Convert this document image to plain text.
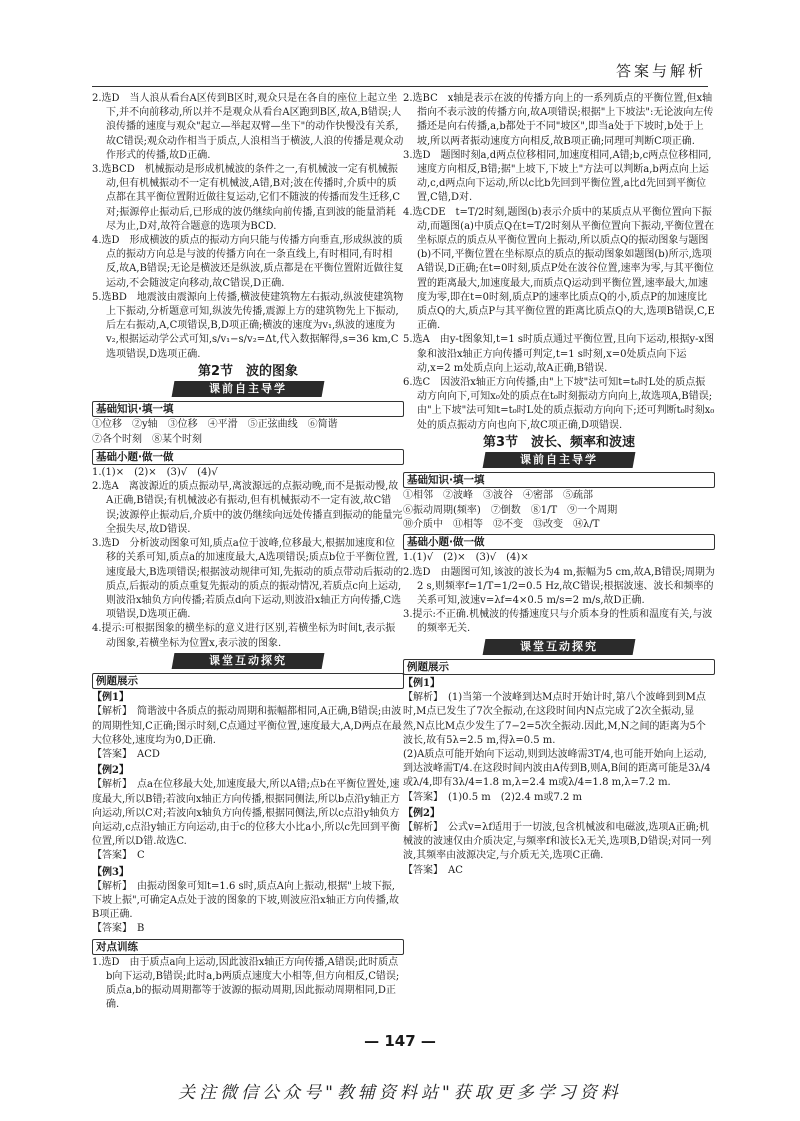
答案与解析

2.选D　当人浪从看台A区传到B区时,观众只是在各自的座位上起立坐下,并不向前移动,所以并不是观众从看台A区跑到B区,故A,B错误;人浪传播的速度与观众"起立—举起双臂—坐下"的动作快慢没有关系,故C错误;观众动作相当于质点,人浪相当于横波,人浪的传播是观众动作形式的传播,故D正确.

3.选BCD　机械振动是形成机械波的条件之一,有机械波一定有机械振动,但有机械振动不一定有机械波,A错,B对;波在传播时,介质中的质点都在其平衡位置附近做往复运动,它们不随波的传播而发生迁移,C对;振源停止振动后,已形成的波仍继续向前传播,直到波的能量消耗尽为止,D对,故符合题意的选项为BCD.

4.选D　形成横波的质点的振动方向只能与传播方向垂直,形成纵波的质点的振动方向总是与波的传播方向在一条直线上,有时相同,有时相反,故A,B错误;无论是横波还是纵波,质点都是在平衡位置附近做往复运动,不会随波定向移动,故C错误,D正确.

5.选BD　地震波由震源向上传播,横波使建筑物左右振动,纵波使建筑物上下振动,分析题意可知,纵波先传播,震源上方的建筑物先上下振动,后左右振动,A,C项错误,B,D项正确;横波的速度为v₁,纵波的速度为v₂,根据运动学公式可知,s/v₁−s/v₂=Δt,代入数据解得,s=36 km,C选项错误,D选项正确.

第2节　波的图象
课前自主导学
基础知识·填一填

①位移　②y轴　③位移　④平滑　⑤正弦曲线　⑥简谐

⑦各个时刻　⑧某个时刻

基础小题·做一做

1.(1)×　(2)×　(3)√　(4)√

2.选A　离波源近的质点振动早,离波源远的点振动晚,而不是振动慢,故A正确,B错误;有机械波必有振动,但有机械振动不一定有波,故C错误;波源停止振动后,介质中的波仍继续向远处传播直到振动的能量完全损失尽,故D错误.

3.选D　分析波动图象可知,质点a位于波峰,位移最大,根据加速度和位移的关系可知,质点a的加速度最大,A选项错误;质点b位于平衡位置,速度最大,B选项错误;根据波动规律可知,先振动的质点带动后振动的质点,后振动的质点重复先振动的质点的振动情况,若质点c向上运动,则波沿x轴负方向传播;若质点d向下运动,则波沿x轴正方向传播,C选项错误,D选项正确.

4.提示:可根据图象的横坐标的意义进行区别,若横坐标为时间t,表示振动图象,若横坐标为位置x,表示波的图象.

课堂互动探究
例题展示
【例1】

【解析】　简谐波中各质点的振动周期和振幅都相同,A正确,B错误;由波的周期性知,C正确;图示时刻,C点通过平衡位置,速度最大,A,D两点在最大位移处,速度均为0,D正确.

【答案】　ACD

【例2】

【解析】　点a在位移最大处,加速度最大,所以A错;点b在平衡位置处,速度最大,所以B错;若波向x轴正方向传播,根据同侧法,所以b点沿y轴正方向运动,所以C对;若波向x轴负方向传播,根据同侧法,所以c点沿y轴负方向运动,c点沿y轴正方向运动,由于c的位移大小比a小,所以c先回到平衡位置,所以D错.故选C.

【答案】　C

【例3】

【解析】　由振动图象可知t=1.6 s时,质点A向上振动,根据"上坡下振,下坡上振",可确定A点处于波的图象的下坡,则波应沿x轴正方向传播,故B项正确.

【答案】　B

对点训练

1.选D　由于质点a向上运动,因此波沿x轴正方向传播,A错误;此时质点b向下运动,B错误;此时a,b两质点速度大小相等,但方向相反,C错误;质点a,b的振动周期都等于波源的振动周期,因此振动周期相同,D正确.

2.选BC　x轴是表示在波的传播方向上的一系列质点的平衡位置,但x轴指向不表示波的传播方向,故A项错误;根据"上下坡法":无论波向左传播还是向右传播,a,b都处于不同"坡区",即当a处于下坡时,b处于上坡,所以两者振动速度方向相反,故B项正确;同理可判断C项正确.

3.选D　题图时刻a,d两点位移相同,加速度相同,A错;b,c两点位移相同,速度方向相反,B错;据"上坡下,下坡上"方法可以判断a,b两点向上运动,c,d两点向下运动,所以c比b先回到平衡位置,a比d先回到平衡位置,C错,D对.

4.选CDE　t=T/2时刻,题图(b)表示介质中的某质点从平衡位置向下振动,而题图(a)中质点Q在t=T/2时刻从平衡位置向下振动,平衡位置在坐标原点的质点从平衡位置向上振动,所以质点Q的振动图象与题图(b)不同,平衡位置在坐标原点的质点的振动图象如题图(b)所示,选项A错误,D正确;在t=0时刻,质点P处在波谷位置,速率为零,与其平衡位置的距离最大,加速度最大,而质点Q运动到平衡位置,速率最大,加速度为零,即在t=0时刻,质点P的速率比质点Q的小,质点P的加速度比质点Q的大,质点P与其平衡位置的距离比质点Q的大,选项B错误,C,E正确.

5.选A　由y-t图象知,t=1 s时质点通过平衡位置,且向下运动,根据y-x图象和波沿x轴正方向传播可判定,t=1 s时刻,x=0处质点向下运动,x=2 m处质点向上运动,故A正确,B错误.

6.选C　因波沿x轴正方向传播,由"上下坡"法可知t=t₀时L处的质点振动方向向下,可知x₀处的质点在t₀时刻振动方向向上,故选项A,B错误;由"上下坡"法可知t=t₀时L处的质点振动方向向下;还可判断t₀时刻x₀处的质点振动方向也向下,故C项正确,D项错误.

第3节　波长、频率和波速
课前自主导学
基础知识·填一填

①相邻　②波峰　③波谷　④密部　⑤疏部

⑥振动周期(频率)　⑦倒数　⑧1/T　⑨一个周期

⑩介质中　⑪相等　⑫不变　⑬改变　⑭λ/T

基础小题·做一做

1.(1)√　(2)×　(3)√　(4)×

2.选D　由题图可知,该波的波长为4 m,振幅为5 cm,故A,B错误;周期为2 s,则频率f=1/T=1/2=0.5 Hz,故C错误;根据波速、波长和频率的关系可知,波速v=λf=4×0.5 m/s=2 m/s,故D正确.

3.提示:不正确.机械波的传播速度只与介质本身的性质和温度有关,与波的频率无关.

课堂互动探究
例题展示
【例1】

【解析】　(1)当第一个波峰到达M点时开始计时,第八个波峰到到M点时,M点已发生了7次全振动,在这段时间内N点完成了2次全振动,显然,N点比M点少发生了7−2=5次全振动.因此,M,N之间的距离为5个波长,故有5λ=2.5 m,得λ=0.5 m.

(2)A质点可能开始向下运动,则到达波峰需3T/4,也可能开始向上运动,到达波峰需T/4.在这段时间内波由A传到B,则A,B间的距离可能是3λ/4或λ/4,即有3λ/4=1.8 m,λ=2.4 m或λ/4=1.8 m,λ=7.2 m.

【答案】　(1)0.5 m　(2)2.4 m或7.2 m

【例2】

【解析】　公式v=λf适用于一切波,包含机械波和电磁波,选项A正确;机械波的波速仅由介质决定,与频率f和波长λ无关,选项B,D错误;对同一列波,其频率由波源决定,与介质无关,选项C正确.

【答案】　AC

— 147 —
关注微信公众号"教辅资料站"获取更多学习资料
